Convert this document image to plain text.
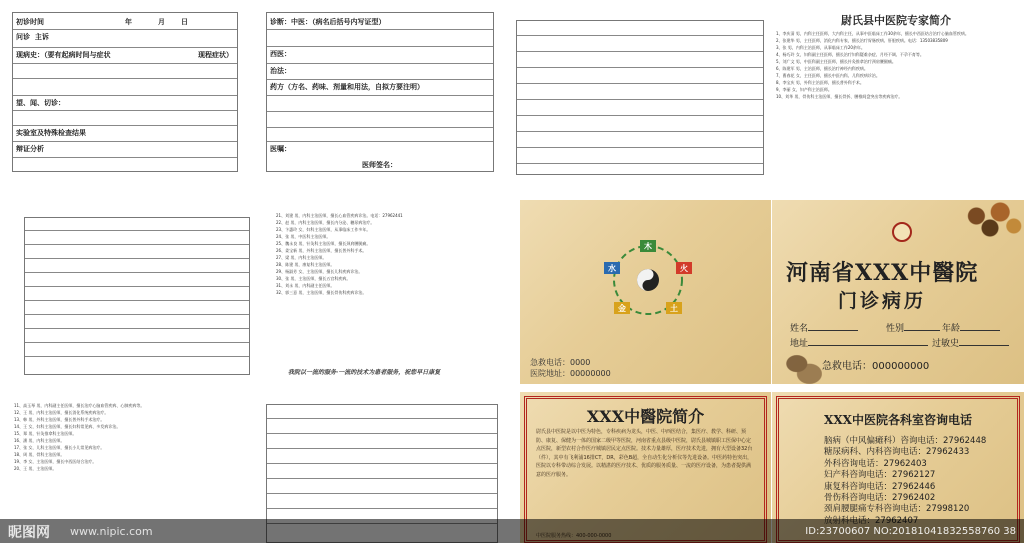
初诊时间	年	月 日
问诊 主诉
现病史：（要有起病时间与症状	现程症状）
望、闻、切诊：
实验室及特殊检查结果
辩证分析
诊断：中医：（病名后括号内写证型）
西医：
治法：
药方（方名、药味、剂量和用法，自拟方要注明）
医嘱：
医师签名：
尉氏县中医院专家简介
1、李庆清 男，内科主任医师，大内科主任，从事中医临床工作30余年，擅长中西医结合治疗心脑血管疾病。
2、张建华 男，主任医师，消化内科专家，擅长治疗胃肠疾病、肝胆疾病。电话：13503835809
3、张 男，内科主治医师，从事临床工作20余年。
4、杨巧玲 女，妇科副主任医师，擅长治疗妇科疑难杂症、月经不调、不孕不育等。
5、刘广文 男，中医科副主任医师，擅长针灸推拿治疗颈肩腰腿痛。
6、陈建军 男，主治医师，擅长治疗神经内科疾病。
7、曹春花 女，主任医师，擅长中医内科、儿科疾病诊治。
8、李宝庆 男，外科主治医师，擅长普外科手术。
9、李丽 女，妇产科主治医师。
10、刘华 男，骨伤科主治医师，擅长骨折、腰椎间盘突出等疾病治疗。
21、刘建 男，内科主治医师，擅长心血管疾病诊治。电话：27962441
22、赵 男，内科主治医师，擅长内分泌、糖尿病治疗。
23、卞惠玲 女，妇科主治医师，从事临床工作多年。
24、张 男，中医科主治医师。
25、魏永良 男，针灸科主治医师，擅长颈肩腰腿痛。
26、姜宝新 男，外科主治医师，擅长普外科手术。
27、梁 男，内科主治医师。
28、陈建 男，康复科主治医师。
29、杨淑芳 女，主治医师，擅长儿科疾病诊治。
30、张 男，主治医师，擅长五官科疾病。
31、刘永 男，内科副主任医师。
32、郭三意 男，主治医师，擅长骨伤科疾病诊治。
我院以一流的服务·一流的技术为患者服务，祝您早日康复
木
火
土
金
水
急救电话：0000
医院地址：00000000
河南省XXX中醫院
门诊病历
姓名	性别	年龄
地址	过敏史
急救电话：000000000
11、高玉琴 男，内科副主任医师，擅长治疗心脑血管疾病、心肺疾病等。
12、王 男，内科主治医师，擅长消化系统疾病治疗。
13、韩 男，外科主治医师，擅长普外科手术治疗。
14、王 女，妇科主治医师，擅长妇科常见病、多发病诊治。
15、郑 男，针灸推拿科主治医师。
16、潘 男，内科主治医师。
17、张 女，儿科主治医师，擅长小儿常见病治疗。
18、周 男，骨科主治医师。
19、李 女，主治医师，擅长中西医结合治疗。
20、王 男，主治医师。
XXX中醫院简介
尉氏县中医院是以中医为特色，专科疾病为龙头，中医、中西医结合，集医疗、教学、科研、预防、康复、保健为一体的国家二级甲等医院，河南省重点县级中医院，尉氏县城镇职工医保中心定点医院，新型农村合作医疗城镇居民定点医院。技术力量雄厚，医疗技术先进，拥有大型设备32台（件），其中有飞利浦16排CT，DR，彩色B超，全自动生化分析仪等先进设备。中医药特色突出，医院以专科带动综合发展。以精湛的医疗技术、优质的服务质量、一流的医疗设备，为患者提供满意的医疗服务。
XXX中医院各科室咨询电话
脑病（中风偏瘫科）咨询电话：27962448
糖尿病科、内科咨询电话：27962433
外科咨询电话：27962403
妇产科咨询电话：27962127
康复科咨询电话：27962446
骨伤科咨询电话：27962402
颈肩腰腿痛专科咨询电话：27998120
昵图网 www.nipic.com	ID:23700607 NO:20181041832558760 38
